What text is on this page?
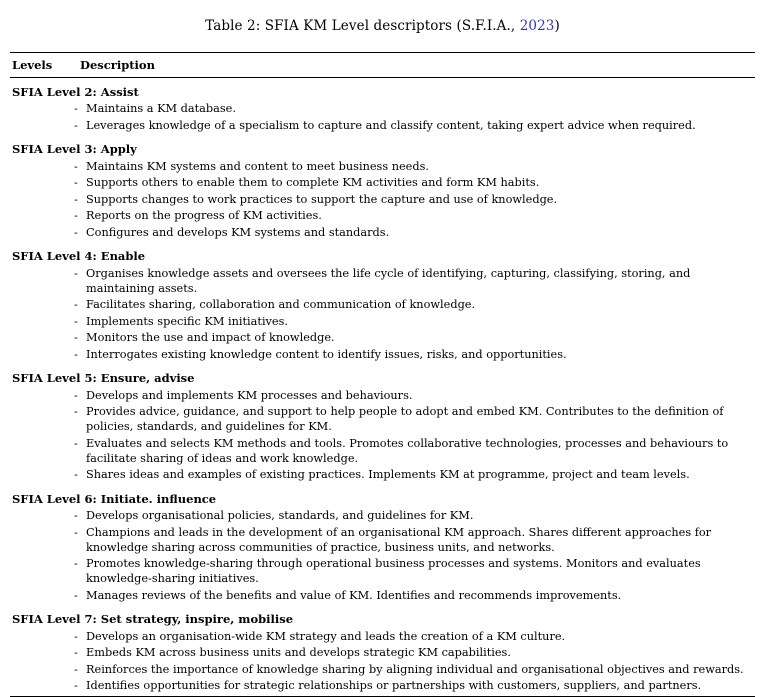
Table 2: SFIA KM Level descriptors (S.F.I.A., 2023)
Levels	Description
SFIA Level 2: Assist
- Maintains a KM database.
- Leverages knowledge of a specialism to capture and classify content, taking expert advice when required.
SFIA Level 3: Apply
- Maintains KM systems and content to meet business needs.
- Supports others to enable them to complete KM activities and form KM habits.
- Supports changes to work practices to support the capture and use of knowledge.
- Reports on the progress of KM activities.
- Configures and develops KM systems and standards.
SFIA Level 4: Enable
- Organises knowledge assets and oversees the life cycle of identifying, capturing, classifying, storing, and maintaining assets.
- Facilitates sharing, collaboration and communication of knowledge.
- Implements specific KM initiatives.
- Monitors the use and impact of knowledge.
- Interrogates existing knowledge content to identify issues, risks, and opportunities.
SFIA Level 5: Ensure, advise
- Develops and implements KM processes and behaviours.
- Provides advice, guidance, and support to help people to adopt and embed KM. Contributes to the definition of policies, standards, and guidelines for KM.
- Evaluates and selects KM methods and tools. Promotes collaborative technologies, processes and behaviours to facilitate sharing of ideas and work knowledge.
- Shares ideas and examples of existing practices. Implements KM at programme, project and team levels.
SFIA Level 6: Initiate. influence
- Develops organisational policies, standards, and guidelines for KM.
- Champions and leads in the development of an organisational KM approach. Shares different approaches for knowledge sharing across communities of practice, business units, and networks.
- Promotes knowledge-sharing through operational business processes and systems. Monitors and evaluates knowledge-sharing initiatives.
- Manages reviews of the benefits and value of KM. Identifies and recommends improvements.
SFIA Level 7: Set strategy, inspire, mobilise
- Develops an organisation-wide KM strategy and leads the creation of a KM culture.
- Embeds KM across business units and develops strategic KM capabilities.
- Reinforces the importance of knowledge sharing by aligning individual and organisational objectives and rewards.
- Identifies opportunities for strategic relationships or partnerships with customers, suppliers, and partners.
